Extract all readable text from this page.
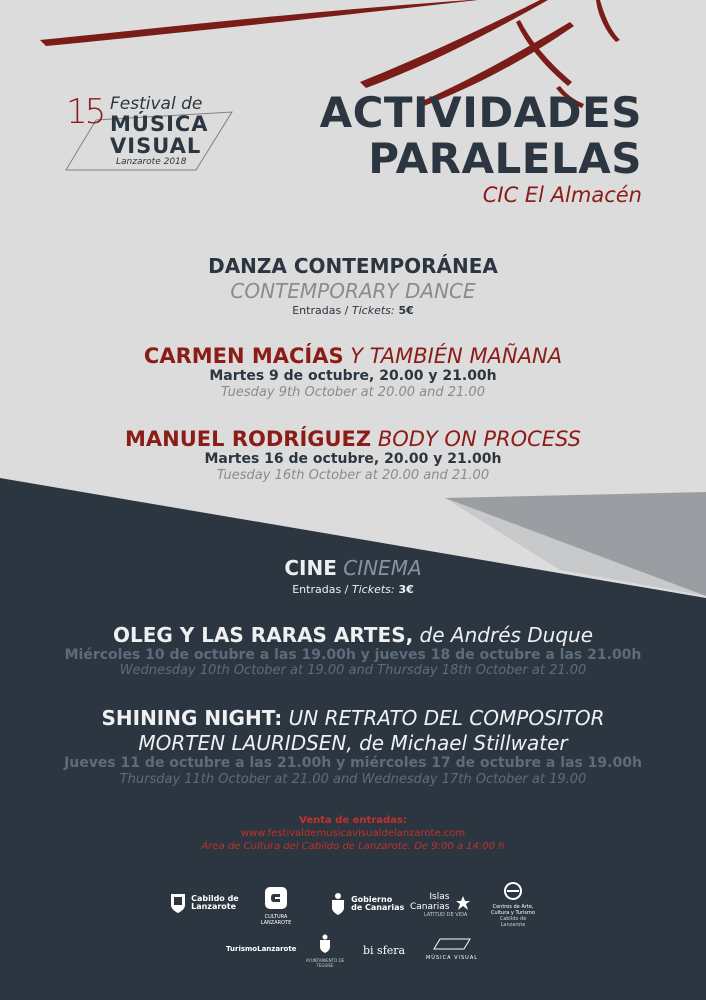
15 Festival de
MÚSICA
VISUAL
Lanzarote 2018
ACTIVIDADES
PARALELAS
CIC El Almacén
DANZA CONTEMPORÁNEA
CONTEMPORARY DANCE
Entradas / Tickets: 5€
CARMEN MACÍAS Y TAMBIÉN MAÑANA
Martes 9 de octubre, 20.00 y 21.00h
Tuesday 9th October at 20.00 and 21.00
MANUEL RODRÍGUEZ BODY ON PROCESS
Martes 16 de octubre, 20.00 y 21.00h
Tuesday 16th October at 20.00 and 21.00
CINE CINEMA
Entradas / Tickets: 3€
OLEG Y LAS RARAS ARTES, de Andrés Duque
Miércoles 10 de octubre a las 19.00h y jueves 18 de octubre a las 21.00h
Wednesday 10th October at 19.00 and Thursday 18th October at 21.00
SHINING NIGHT: UN RETRATO DEL COMPOSITOR
MORTEN LAURIDSEN, de Michael Stillwater
Jueves 11 de octubre a las 21.00h y miércoles 17 de octubre a las 19.00h
Thursday 11th October at 21.00 and Wednesday 17th October at 19.00
Venta de entradas:
www.festivaldemusicavisualdelanzarote.com
Área de Cultura del Cabildo de Lanzarote. De 9:00 a 14:00 h
Cabildo de
Lanzarote
CULTURA LANZAROTE
Gobierno
de Canarias
Islas
Canarias
LATITUD DE VIDA
Centros de Arte,
Cultura y Turismo
Cabildo de Lanzarote
TurismoLanzarote
AYUNTAMIENTO DE TEGUISE
bi sfera
MÚSICA VISUAL
